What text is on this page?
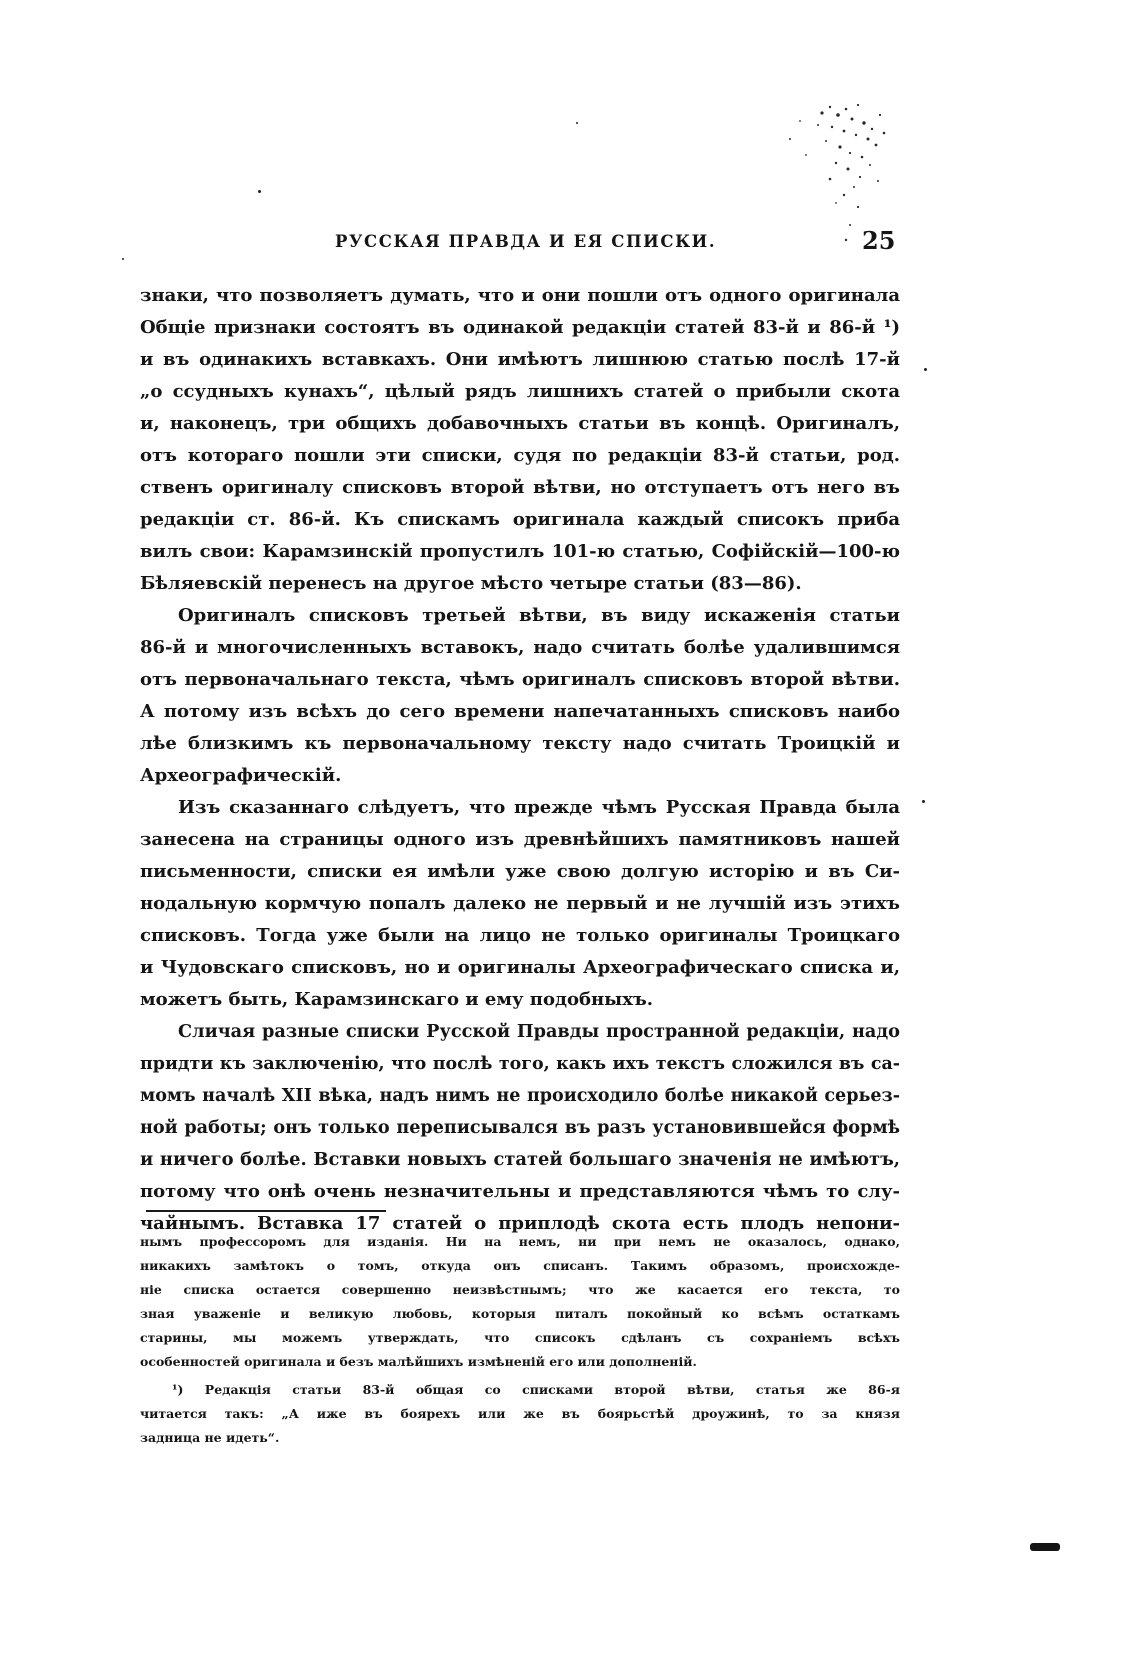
РУССКАЯ ПРАВДА И ЕЯ СПИСКИ.	25
знаки, что позволяетъ думать, что и они пошли отъ одного оригинала
Общіе признаки состоятъ въ одинакой редакціи статей 83-й и 86-й ¹)
и въ одинакихъ вставкахъ. Они имѣютъ лишнюю статью послѣ 17-й
„о ссудныхъ кунахъ“, цѣлый рядъ лишнихъ статей о прибыли скота
и, наконецъ, три общихъ добавочныхъ статьи въ концѣ. Оригиналъ,
отъ котораго пошли эти списки, судя по редакціи 83-й статьи, род.
ственъ оригиналу списковъ второй вѣтви, но отступаетъ отъ него въ
редакціи ст. 86-й. Къ спискамъ оригинала каждый списокъ приба
вилъ свои: Карамзинскій пропустилъ 101-ю статью, Софійскій—100-ю
Бѣляевскій перенесъ на другое мѣсто четыре статьи (83—86).
Оригиналъ списковъ третьей вѣтви, въ виду искаженія статьи
86-й и многочисленныхъ вставокъ, надо считать болѣе удалившимся
отъ первоначальнаго текста, чѣмъ оригиналъ списковъ второй вѣтви.
А потому изъ всѣхъ до сего времени напечатанныхъ списковъ наибо
лѣе близкимъ къ первоначальному тексту надо считать Троицкій и
Археографическій.
Изъ сказаннаго слѣдуетъ, что прежде чѣмъ Русская Правда была
занесена на страницы одного изъ древнѣйшихъ памятниковъ нашей
письменности, списки ея имѣли уже свою долгую исторію и въ Си-
нодальную кормчую попалъ далеко не первый и не лучшій изъ этихъ
списковъ. Тогда уже были на лицо не только оригиналы Троицкаго
и Чудовскаго списковъ, но и оригиналы Археографическаго списка и,
можетъ быть, Карамзинскаго и ему подобныхъ.
Сличая разные списки Русской Правды пространной редакціи, надо
придти къ заключенію, что послѣ того, какъ ихъ текстъ сложился въ са-
момъ началѣ XII вѣка, надъ нимъ не происходило болѣе никакой серьез-
ной работы; онъ только переписывался въ разъ установившейся формѣ
и ничего болѣе. Вставки новыхъ статей большаго значенія не имѣютъ,
потому что онѣ очень незначительны и представляются чѣмъ то слу-
чайнымъ. Вставка 17 статей о приплодѣ скота есть плодъ непони-
нымъ профессоромъ для изданія. Ни на немъ, ни при немъ не оказалось, однако,
никакихъ замѣтокъ о томъ, откуда онъ списанъ. Такимъ образомъ, происхожде-
ніе списка остается совершенно неизвѣстнымъ; что же касается его текста, то
зная уваженіе и великую любовь, которыя питалъ покойный ко всѣмъ остаткамъ
старины, мы можемъ утверждать, что списокъ сдѣланъ съ сохраніемъ всѣхъ
особенностей оригинала и безъ малѣйшихъ измѣненій его или дополненій.
¹) Редакція статьи 83-й общая со списками второй вѣтви, статья же 86-я
читается такъ: „А иже въ боярехъ или же въ боярьстѣй дроужинѣ, то за князя
задница не идеть“.
